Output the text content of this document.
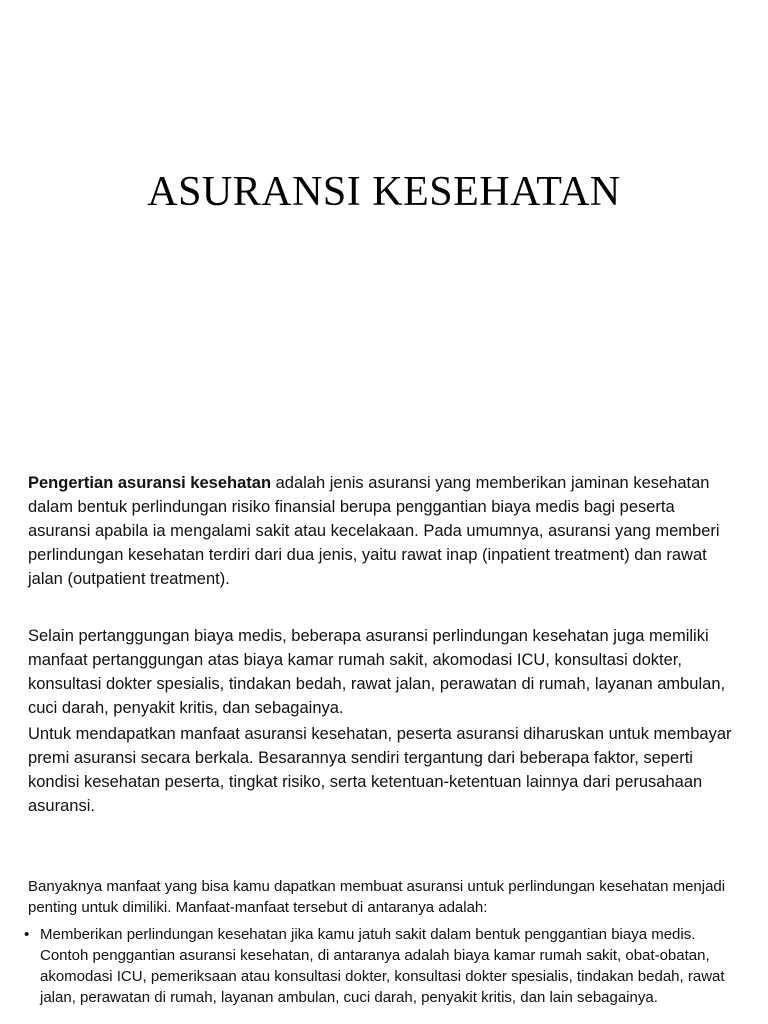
ASURANSI KESEHATAN
Pengertian asuransi kesehatan adalah jenis asuransi yang memberikan jaminan kesehatan dalam bentuk perlindungan risiko finansial berupa penggantian biaya medis bagi peserta asuransi apabila ia mengalami sakit atau kecelakaan. Pada umumnya, asuransi yang memberi perlindungan kesehatan terdiri dari dua jenis, yaitu rawat inap (inpatient treatment) dan rawat jalan (outpatient treatment).
Selain pertanggungan biaya medis, beberapa asuransi perlindungan kesehatan juga memiliki manfaat pertanggungan atas biaya kamar rumah sakit, akomodasi ICU, konsultasi dokter, konsultasi dokter spesialis, tindakan bedah, rawat jalan, perawatan di rumah, layanan ambulan, cuci darah, penyakit kritis, dan sebagainya.
Untuk mendapatkan manfaat asuransi kesehatan, peserta asuransi diharuskan untuk membayar premi asuransi secara berkala. Besarannya sendiri tergantung dari beberapa faktor, seperti kondisi kesehatan peserta, tingkat risiko, serta ketentuan-ketentuan lainnya dari perusahaan asuransi.
Banyaknya manfaat yang bisa kamu dapatkan membuat asuransi untuk perlindungan kesehatan menjadi penting untuk dimiliki. Manfaat-manfaat tersebut di antaranya adalah:
• Memberikan perlindungan kesehatan jika kamu jatuh sakit dalam bentuk penggantian biaya medis. Contoh penggantian asuransi kesehatan, di antaranya adalah biaya kamar rumah sakit, obat-obatan, akomodasi ICU, pemeriksaan atau konsultasi dokter, konsultasi dokter spesialis, tindakan bedah, rawat jalan, perawatan di rumah, layanan ambulan, cuci darah, penyakit kritis, dan lain sebagainya.
